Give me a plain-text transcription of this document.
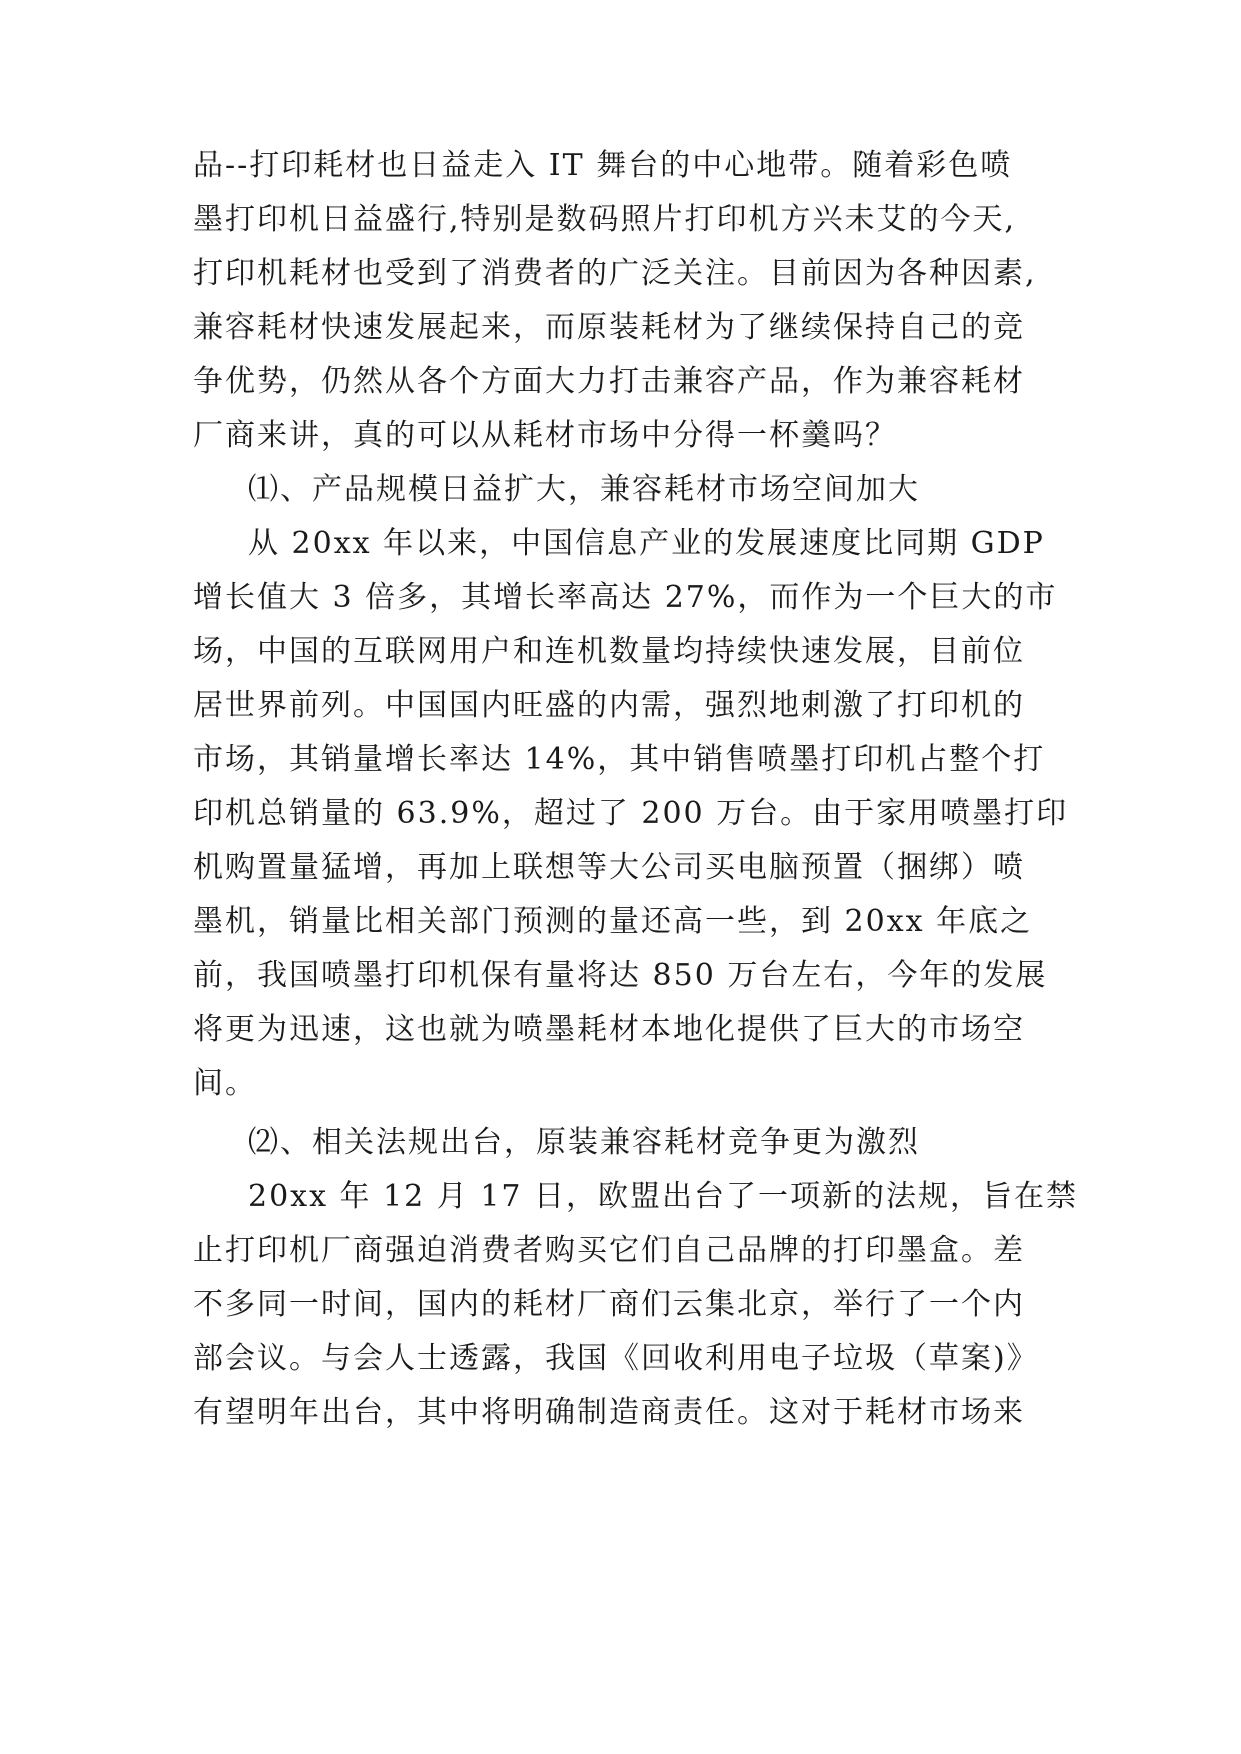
品--打印耗材也日益走入 IT 舞台的中心地带。随着彩色喷
墨打印机日益盛行,特别是数码照片打印机方兴未艾的今天,
打印机耗材也受到了消费者的广泛关注。目前因为各种因素,
兼容耗材快速发展起来，而原装耗材为了继续保持自己的竞
争优势，仍然从各个方面大力打击兼容产品，作为兼容耗材
厂商来讲，真的可以从耗材市场中分得一杯羹吗？
⑴、产品规模日益扩大，兼容耗材市场空间加大
从 20xx 年以来，中国信息产业的发展速度比同期 GDP
增长值大 3 倍多，其增长率高达 27%，而作为一个巨大的市
场，中国的互联网用户和连机数量均持续快速发展，目前位
居世界前列。中国国内旺盛的内需，强烈地刺激了打印机的
市场，其销量增长率达 14%，其中销售喷墨打印机占整个打
印机总销量的 63.9%，超过了 200 万台。由于家用喷墨打印
机购置量猛增，再加上联想等大公司买电脑预置（捆绑）喷
墨机，销量比相关部门预测的量还高一些，到 20xx 年底之
前，我国喷墨打印机保有量将达 850 万台左右，今年的发展
将更为迅速，这也就为喷墨耗材本地化提供了巨大的市场空
间。
⑵、相关法规出台，原装兼容耗材竞争更为激烈
20xx 年 12 月 17 日，欧盟出台了一项新的法规，旨在禁
止打印机厂商强迫消费者购买它们自己品牌的打印墨盒。差
不多同一时间，国内的耗材厂商们云集北京，举行了一个内
部会议。与会人士透露，我国《回收利用电子垃圾（草案)》
有望明年出台，其中将明确制造商责任。这对于耗材市场来
